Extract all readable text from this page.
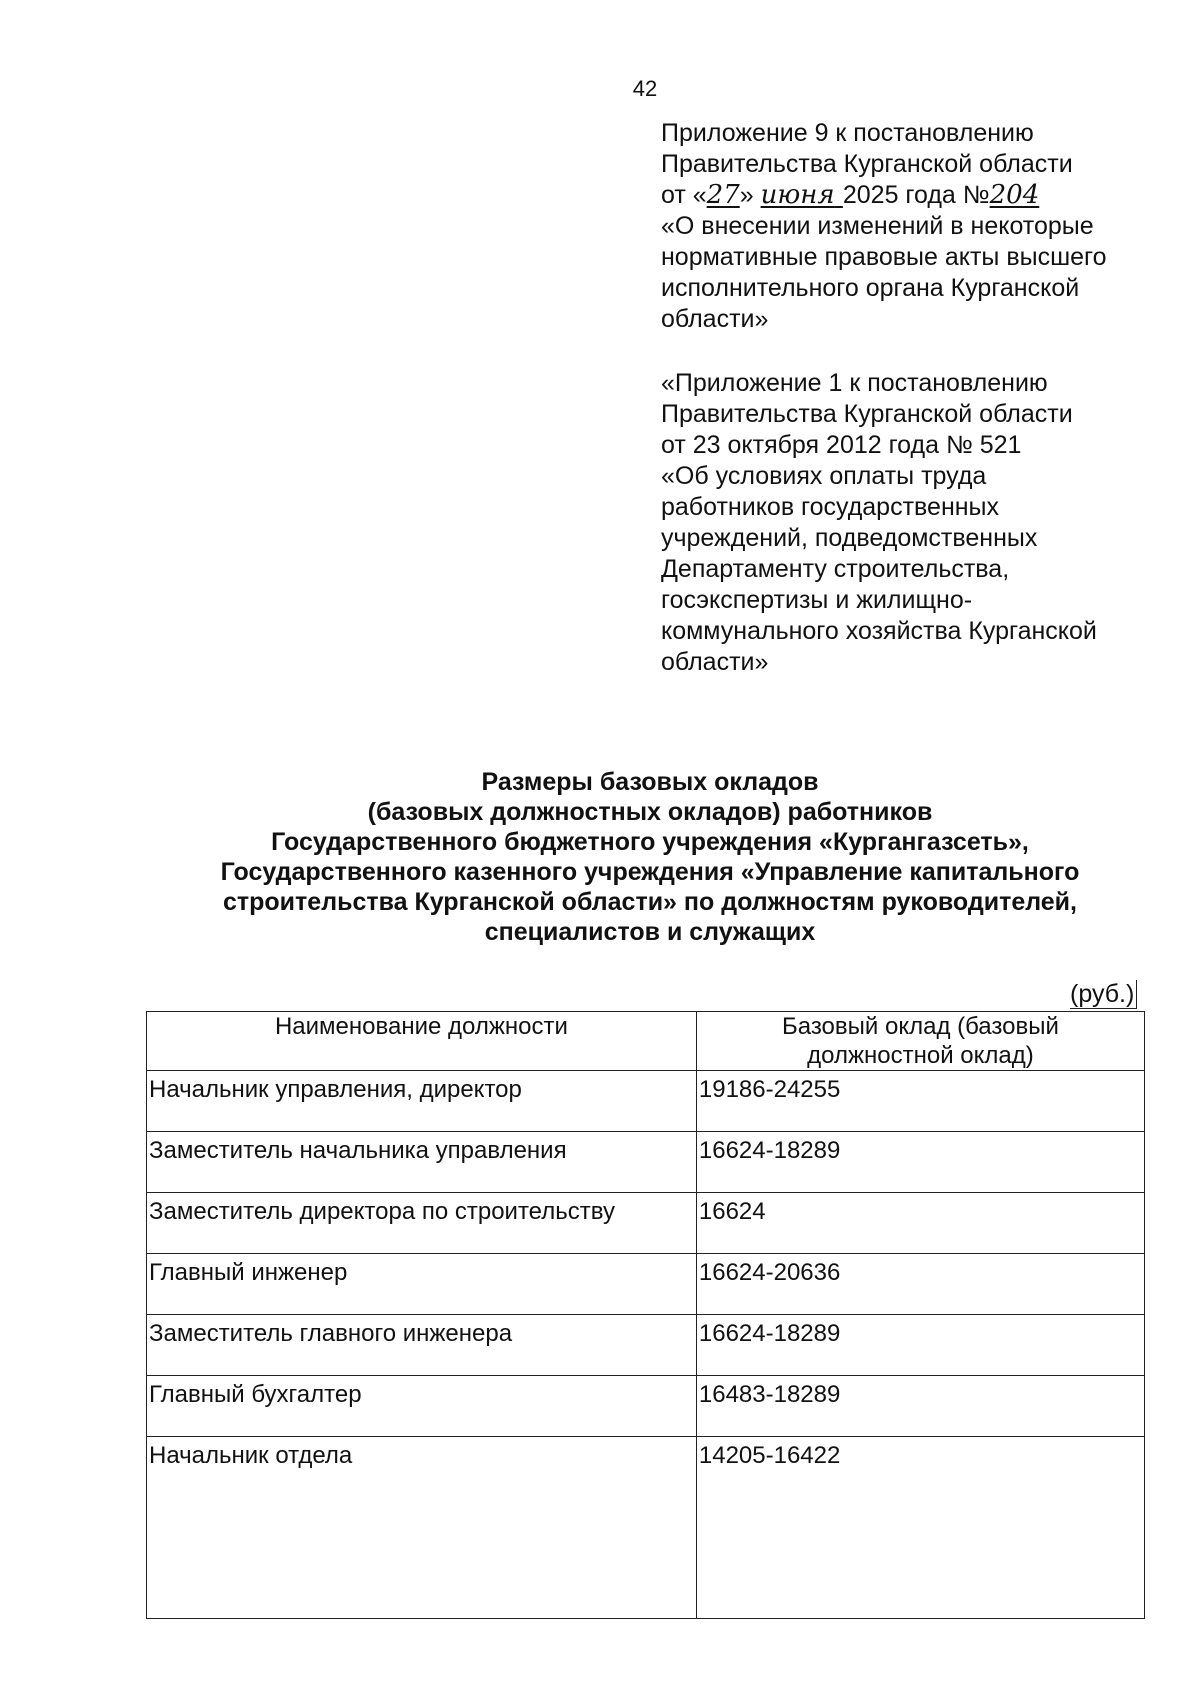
42
Приложение 9 к постановлению
Правительства Курганской области
от «27» июня 2025 года №204
«О внесении изменений в некоторые
нормативные правовые акты высшего
исполнительного органа Курганской
области»
«Приложение 1 к постановлению
Правительства Курганской области
от 23 октября 2012 года № 521
«Об условиях оплаты труда
работников государственных
учреждений, подведомственных
Департаменту строительства,
госэкспертизы и жилищно-
коммунального хозяйства Курганской
области»
Размеры базовых окладов
(базовых должностных окладов) работников
Государственного бюджетного учреждения «Кургангазсеть»,
Государственного казенного учреждения «Управление капитального
строительства Курганской области» по должностям руководителей,
специалистов и служащих
(руб.)
Наименование должности	Базовый оклад (базовый
должностной оклад)

Начальник управления, директор	19186-24255

Заместитель начальника управления	16624-18289

Заместитель директора по строительству	16624

Главный инженер	16624-20636

Заместитель главного инженера	16624-18289

Главный бухгалтер	16483-18289

Начальник отдела	14205-16422
